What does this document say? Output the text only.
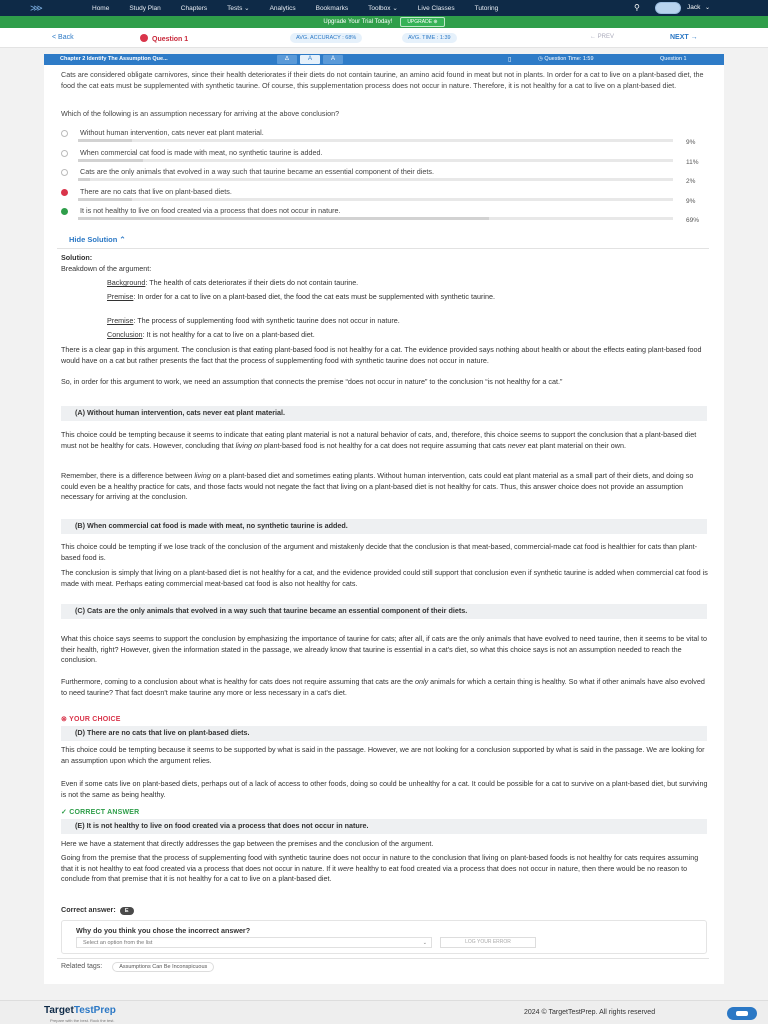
⋙	Home	Study Plan	Chapters	Tests ⌄	Analytics	Bookmarks	Toolbox ⌄	Live Classes	Tutoring	⚲	Jack ⌄
Upgrade Your Trial Today!	UPGRADE ⊕
< Back	Question 1	AVG. ACCURACY : 68%	AVG. TIME : 1:39	← PREV	NEXT →
Chapter 2 Identify The Assumption Que...	∆	A	A	▯	◷ Question Time: 1:59	Question 1
Cats are considered obligate carnivores, since their health deteriorates if their diets do not contain taurine, an amino acid found in meat but not in plants. In order for a cat to live on a plant-based diet, the food the cat eats must be supplemented with synthetic taurine. Of course, this supplementation process does not occur in nature. Therefore, it is not healthy for a cat to live on a plant-based diet.
Which of the following is an assumption necessary for arriving at the above conclusion?
Without human intervention, cats never eat plant material.
9%
When commercial cat food is made with meat, no synthetic taurine is added.
11%
Cats are the only animals that evolved in a way such that taurine became an essential component of their diets.
2%
There are no cats that live on plant-based diets.
9%
It is not healthy to live on food created via a process that does not occur in nature.
69%
Hide Solution ⌃
Solution:
Breakdown of the argument:
Background: The health of cats deteriorates if their diets do not contain taurine.
Premise: In order for a cat to live on a plant-based diet, the food the cat eats must be supplemented with synthetic taurine.
Premise: The process of supplementing food with synthetic taurine does not occur in nature.
Conclusion: It is not healthy for a cat to live on a plant-based diet.
There is a clear gap in this argument. The conclusion is that eating plant-based food is not healthy for a cat. The evidence provided says nothing about health or about the effects eating plant-based food would have on a cat but rather presents the fact that the process of supplementing food with synthetic taurine does not occur in nature.
So, in order for this argument to work, we need an assumption that connects the premise “does not occur in nature” to the conclusion “is not healthy for a cat.”
(A) Without human intervention, cats never eat plant material.
This choice could be tempting because it seems to indicate that eating plant material is not a natural behavior of cats, and, therefore, this choice seems to support the conclusion that a plant-based diet must not be healthy for cats. However, concluding that living on plant-based food is not healthy for a cat does not require assuming that cats never eat plant material on their own.
Remember, there is a difference between living on a plant-based diet and sometimes eating plants. Without human intervention, cats could eat plant material as a small part of their diets, and doing so could even be a healthy practice for cats, and those facts would not negate the fact that living on a plant-based diet is not healthy for cats. Thus, this answer choice does not provide an assumption necessary for arriving at the conclusion.
(B) When commercial cat food is made with meat, no synthetic taurine is added.
This choice could be tempting if we lose track of the conclusion of the argument and mistakenly decide that the conclusion is that meat-based, commercial-made cat food is healthier for cats than plant-based food is.
The conclusion is simply that living on a plant-based diet is not healthy for a cat, and the evidence provided could still support that conclusion even if synthetic taurine is added when commercial cat food is made with meat. Perhaps eating commercial meat-based cat food is also not healthy for cats.
(C) Cats are the only animals that evolved in a way such that taurine became an essential component of their diets.
What this choice says seems to support the conclusion by emphasizing the importance of taurine for cats; after all, if cats are the only animals that have evolved to need taurine, then it seems to be vital to their health, right? However, given the information stated in the passage, we already know that taurine is essential in a cat's diet, so what this choice says is not an assumption needed to reach the conclusion.
Furthermore, coming to a conclusion about what is healthy for cats does not require assuming that cats are the only animals for which a certain thing is healthy. So what if other animals have also evolved to need taurine? That fact doesn't make taurine any more or less necessary in a cat's diet.
⊗ YOUR CHOICE
(D) There are no cats that live on plant-based diets.
This choice could be tempting because it seems to be supported by what is said in the passage. However, we are not looking for a conclusion supported by what is said in the passage. We are looking for an assumption upon which the argument relies.
Even if some cats live on plant-based diets, perhaps out of a lack of access to other foods, doing so could be unhealthy for a cat. It could be possible for a cat to survive on a plant-based diet, but surviving is not the same as being healthy.
✓ CORRECT ANSWER
(E) It is not healthy to live on food created via a process that does not occur in nature.
Here we have a statement that directly addresses the gap between the premises and the conclusion of the argument.
Going from the premise that the process of supplementing food with synthetic taurine does not occur in nature to the conclusion that living on plant-based foods is not healthy for cats requires assuming that it is not healthy to eat food created via a process that does not occur in nature. If it were healthy to eat food created via a process that does not occur in nature, then there would be no reason to conclude from that premise that it is not healthy for a cat to live on a plant-based diet.
Correct answer: E
Why do you think you chose the incorrect answer?
Select an option from the list	⌄	LOG YOUR ERROR
Related tags:	Assumptions Can Be Inconspicuous
TargetTestPrep
Prepare with the best. Rock the test.
2024 © TargetTestPrep. All rights reserved
